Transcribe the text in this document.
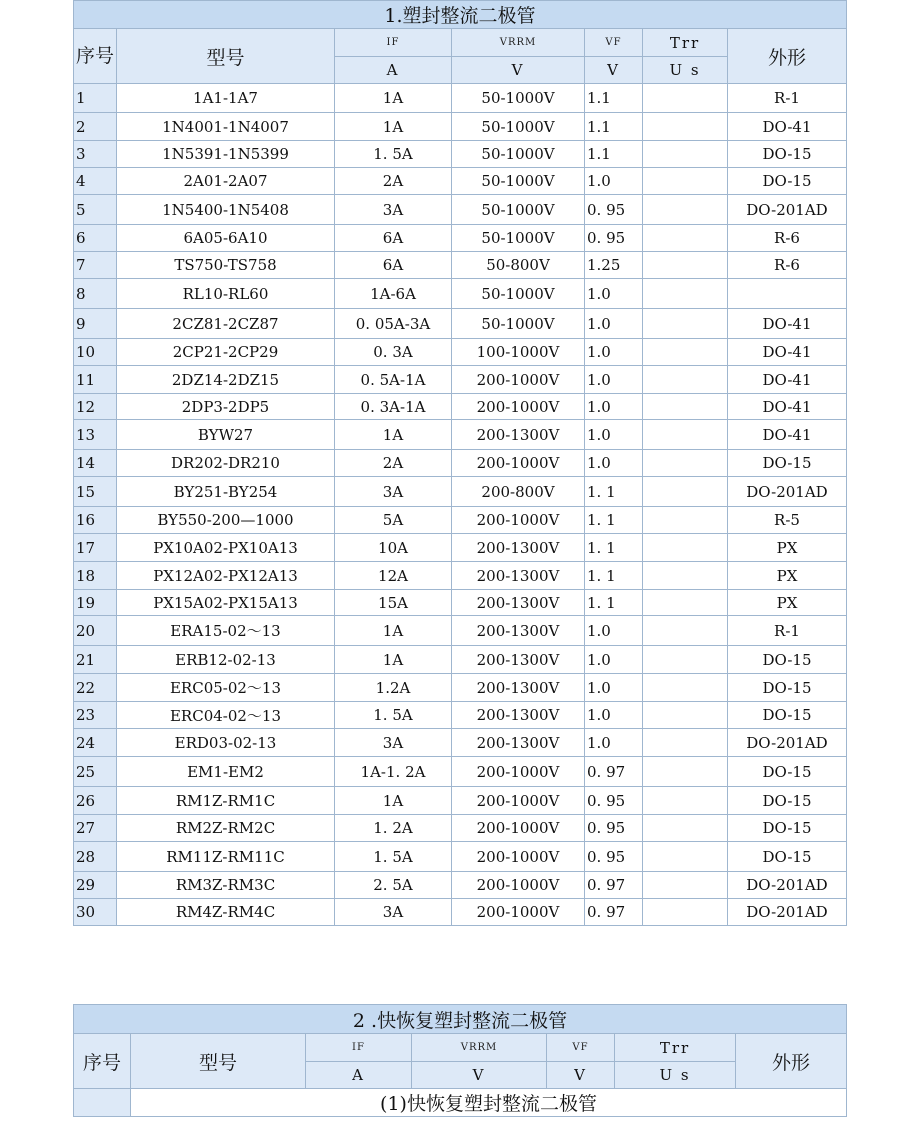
1.塑封整流二极管						
序号	型号	IF	VRRM	VF	Trr	外形
		A	V	V	U s	
1	1A1-1A7	1A	50-1000V	1.1		R-1
2	1N4001-1N4007	1A	50-1000V	1.1		DO-41
3	1N5391-1N5399	1. 5A	50-1000V	1.1		DO-15
4	2A01-2A07	2A	50-1000V	1.0		DO-15
5	1N5400-1N5408	3A	50-1000V	0. 95		DO-201AD
6	6A05-6A10	6A	50-1000V	0. 95		R-6
7	TS750-TS758	6A	50-800V	1.25		R-6
8	RL10-RL60	1A-6A	50-1000V	1.0		
9	2CZ81-2CZ87	0. 05A-3A	50-1000V	1.0		DO-41
10	2CP21-2CP29	0. 3A	100-1000V	1.0		DO-41
11	2DZ14-2DZ15	0. 5A-1A	200-1000V	1.0		DO-41
12	2DP3-2DP5	0. 3A-1A	200-1000V	1.0		DO-41
13	BYW27	1A	200-1300V	1.0		DO-41
14	DR202-DR210	2A	200-1000V	1.0		DO-15
15	BY251-BY254	3A	200-800V	1. 1		DO-201AD
16	BY550-200—1000	5A	200-1000V	1. 1		R-5
17	PX10A02-PX10A13	10A	200-1300V	1. 1		PX
18	PX12A02-PX12A13	12A	200-1300V	1. 1		PX
19	PX15A02-PX15A13	15A	200-1300V	1. 1		PX
20	ERA15-02～13	1A	200-1300V	1.0		R-1
21	ERB12-02-13	1A	200-1300V	1.0		DO-15
22	ERC05-02～13	1.2A	200-1300V	1.0		DO-15
23	ERC04-02～13	1. 5A	200-1300V	1.0		DO-15
24	ERD03-02-13	3A	200-1300V	1.0		DO-201AD
25	EM1-EM2	1A-1. 2A	200-1000V	0. 97		DO-15
26	RM1Z-RM1C	1A	200-1000V	0. 95		DO-15
27	RM2Z-RM2C	1. 2A	200-1000V	0. 95		DO-15
28	RM11Z-RM11C	1. 5A	200-1000V	0. 95		DO-15
29	RM3Z-RM3C	2. 5A	200-1000V	0. 97		DO-201AD
30	RM4Z-RM4C	3A	200-1000V	0. 97		DO-201AD
2 .快恢复塑封整流二极管						
序号	型号	IF	VRRM	VF	Trr	外形
		A	V	V	U s	
	(1)快恢复塑封整流二极管					
